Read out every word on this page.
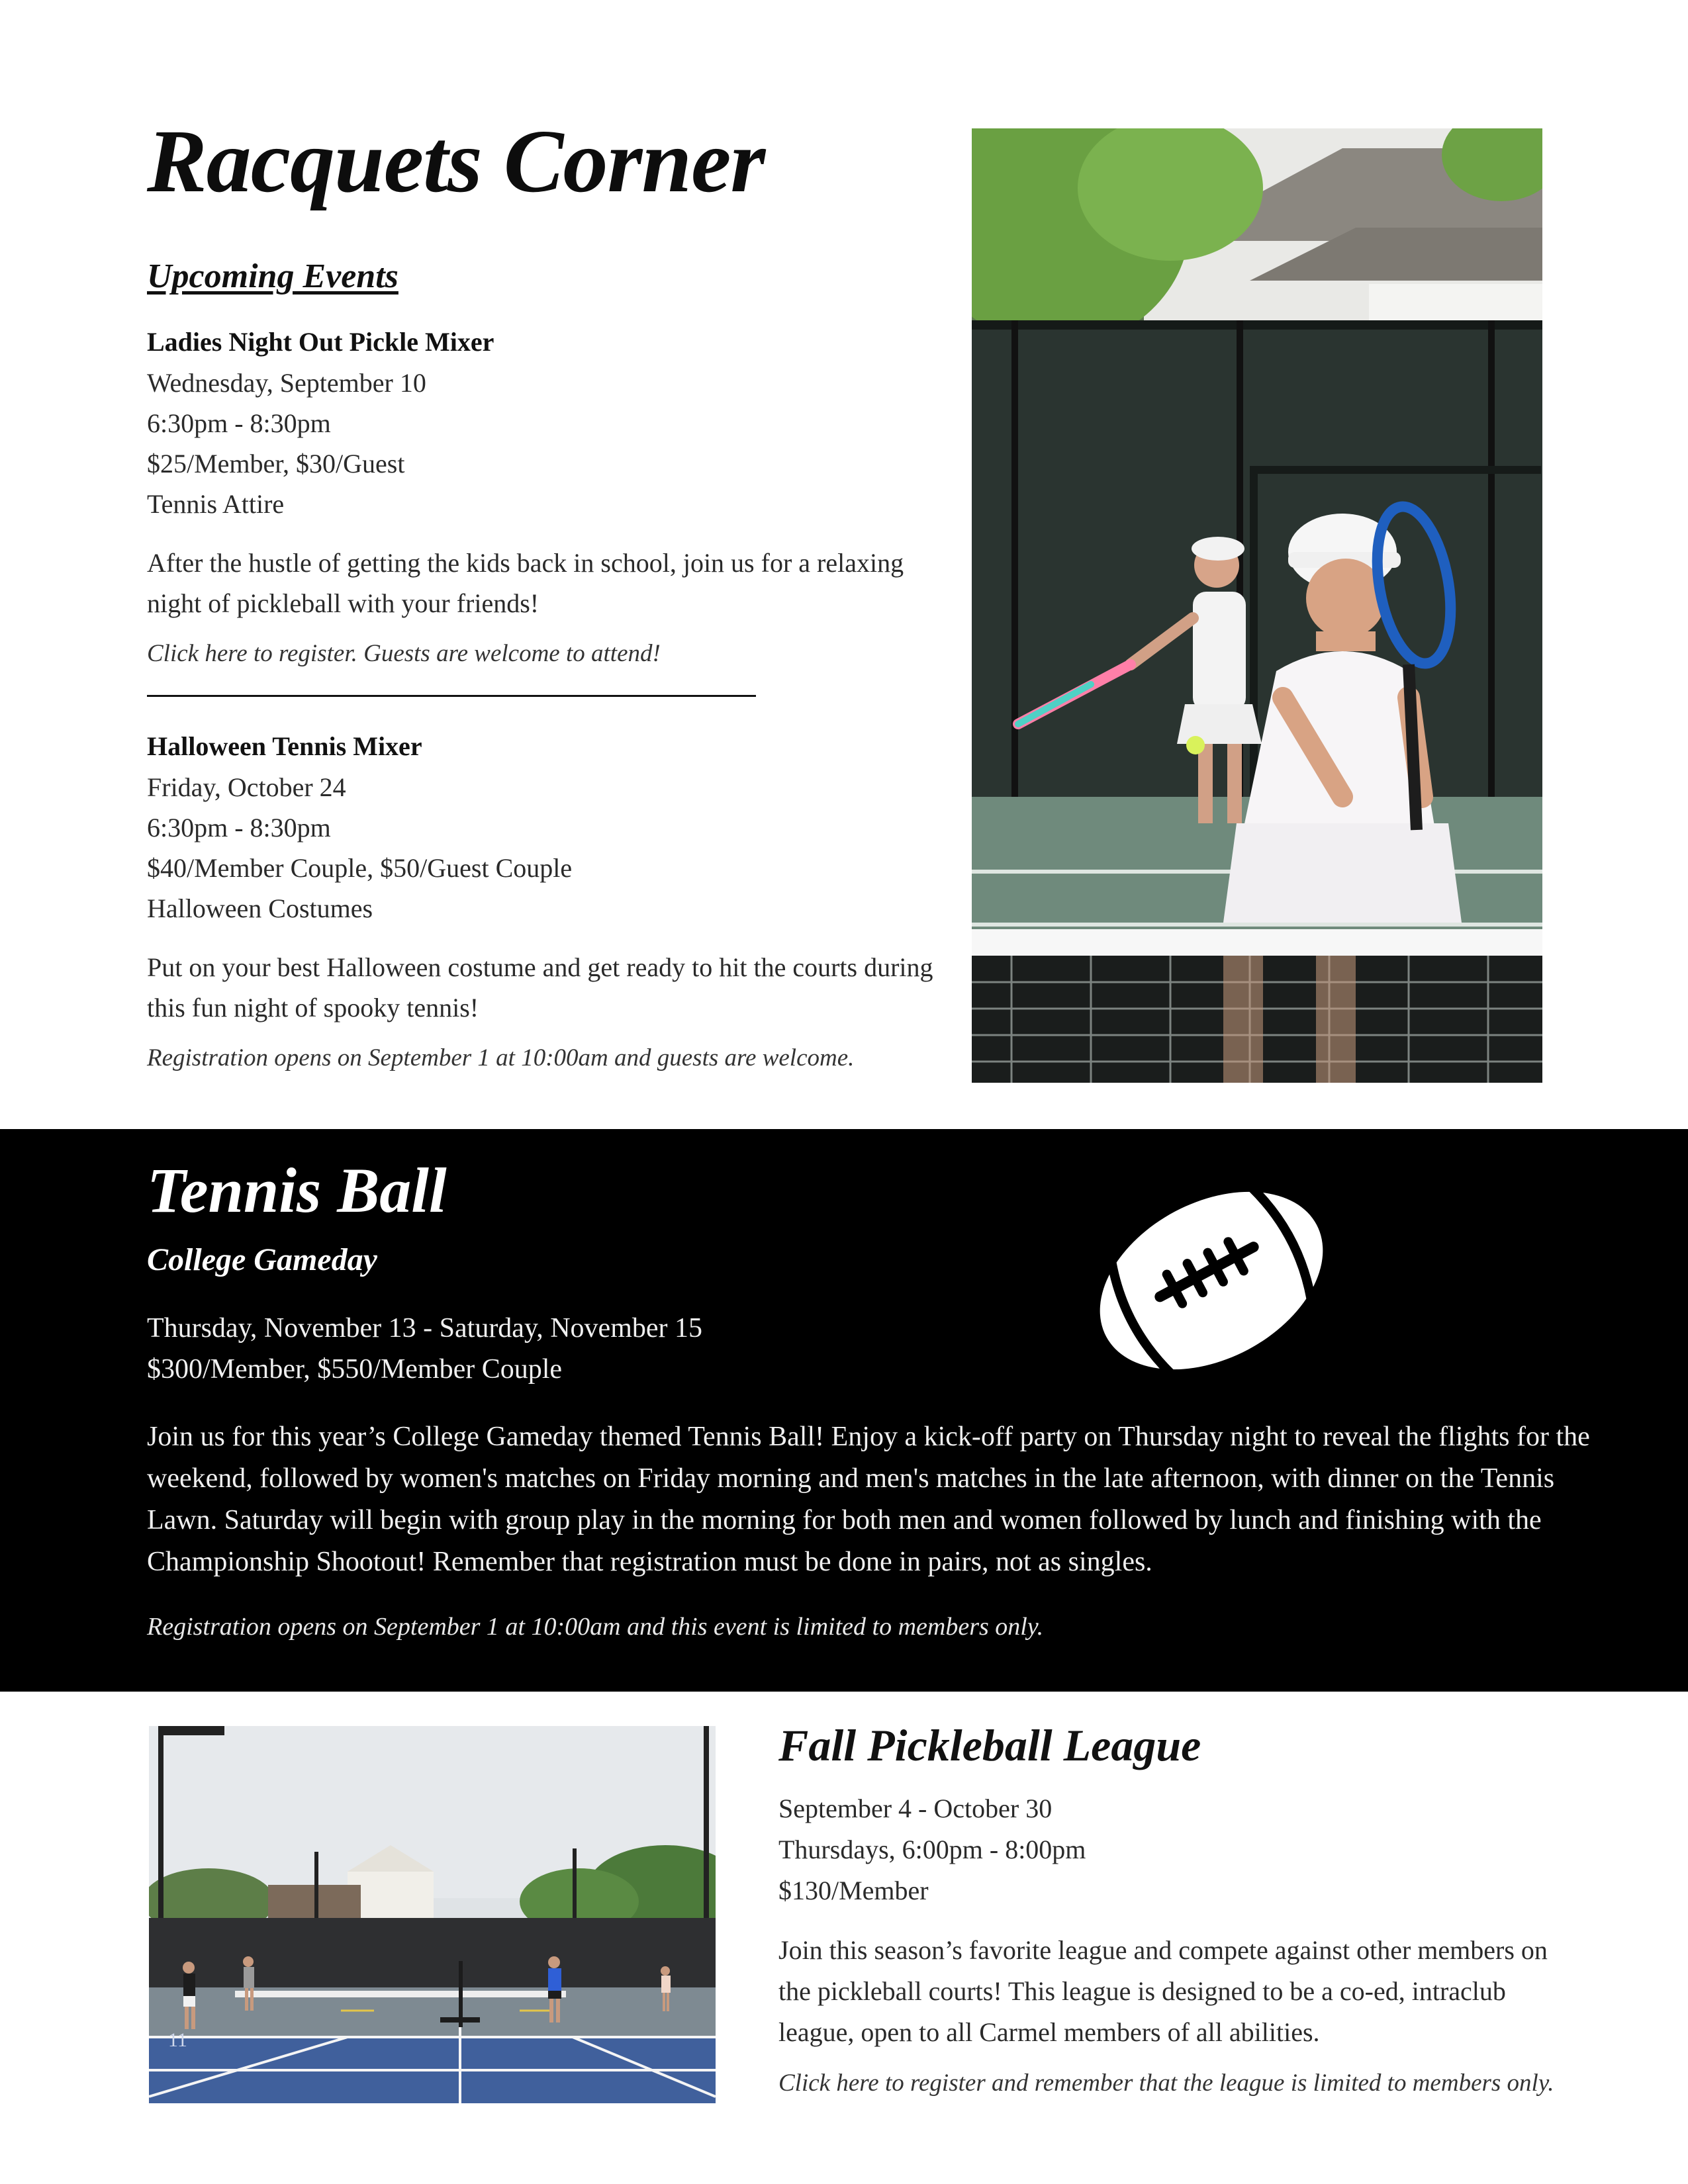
Racquets Corner
Upcoming Events
Ladies Night Out Pickle Mixer
Wednesday, September 10
6:30pm - 8:30pm
$25/Member, $30/Guest
Tennis Attire
After the hustle of getting the kids back in school, join us for a relaxing night of pickleball with your friends!
Click here to register. Guests are welcome to attend!
Halloween Tennis Mixer
Friday, October 24
6:30pm - 8:30pm
$40/Member Couple, $50/Guest Couple
Halloween Costumes
Put on your best Halloween costume and get ready to hit the courts during this fun night of spooky tennis!
Registration opens on September 1 at 10:00am and guests are welcome.
Tennis Ball
College Gameday
Thursday, November 13 - Saturday, November 15
$300/Member, $550/Member Couple
Join us for this year’s College Gameday themed Tennis Ball! Enjoy a kick-off party on Thursday night to reveal the flights for the weekend, followed by women's matches on Friday morning and men's matches in the late afternoon, with dinner on the Tennis Lawn. Saturday will begin with group play in the morning for both men and women followed by lunch and finishing with the Championship Shootout! Remember that registration must be done in pairs, not as singles.
Registration opens on September 1 at 10:00am and this event is limited to members only.
11
Fall Pickleball League
September 4 - October 30
Thursdays, 6:00pm - 8:00pm
$130/Member
Join this season’s favorite league and compete against other members on the pickleball courts! This league is designed to be a co-ed, intraclub league, open to all Carmel members of all abilities.
Click here to register and remember that the league is limited to members only.
